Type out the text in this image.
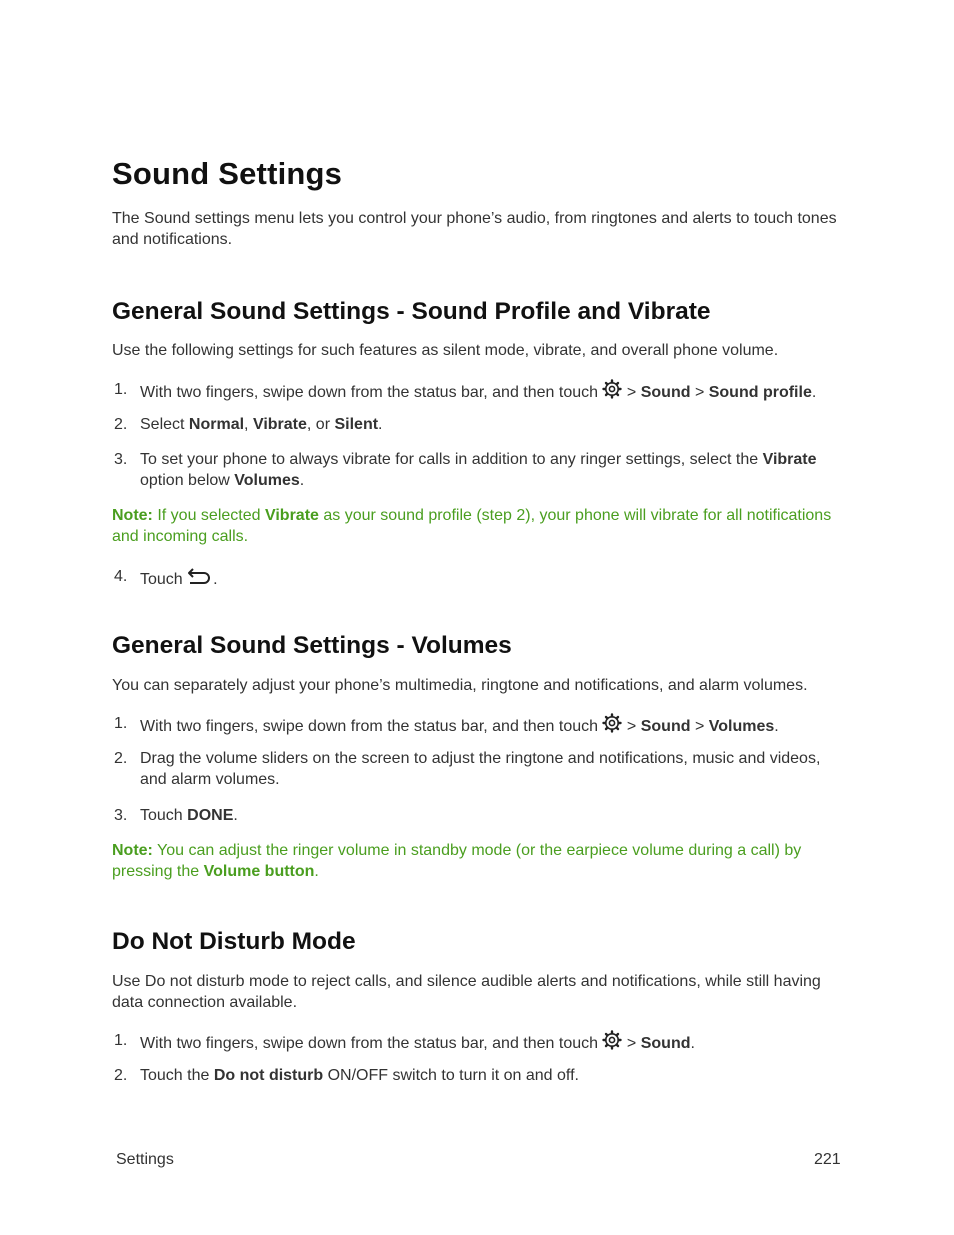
Sound Settings

The Sound settings menu lets you control your phone’s audio, from ringtones and alerts to touch tones and notifications.

General Sound Settings - Sound Profile and Vibrate

Use the following settings for such features as silent mode, vibrate, and overall phone volume.

1. With two fingers, swipe down from the status bar, and then touch > Sound > Sound profile.
2. Select Normal, Vibrate, or Silent.
3. To set your phone to always vibrate for calls in addition to any ringer settings, select the Vibrate option below Volumes.
Note: If you selected Vibrate as your sound profile (step 2), your phone will vibrate for all notifications and incoming calls.
4. Touch .
General Sound Settings - Volumes

You can separately adjust your phone’s multimedia, ringtone and notifications, and alarm volumes.

1. With two fingers, swipe down from the status bar, and then touch > Sound > Volumes.
2. Drag the volume sliders on the screen to adjust the ringtone and notifications, music and videos, and alarm volumes.
3. Touch DONE.
Note: You can adjust the ringer volume in standby mode (or the earpiece volume during a call) by pressing the Volume button.
Do Not Disturb Mode

Use Do not disturb mode to reject calls, and silence audible alerts and notifications, while still having data connection available.

1. With two fingers, swipe down from the status bar, and then touch > Sound.
2. Touch the Do not disturb ON/OFF switch to turn it on and off.
Settings	221
